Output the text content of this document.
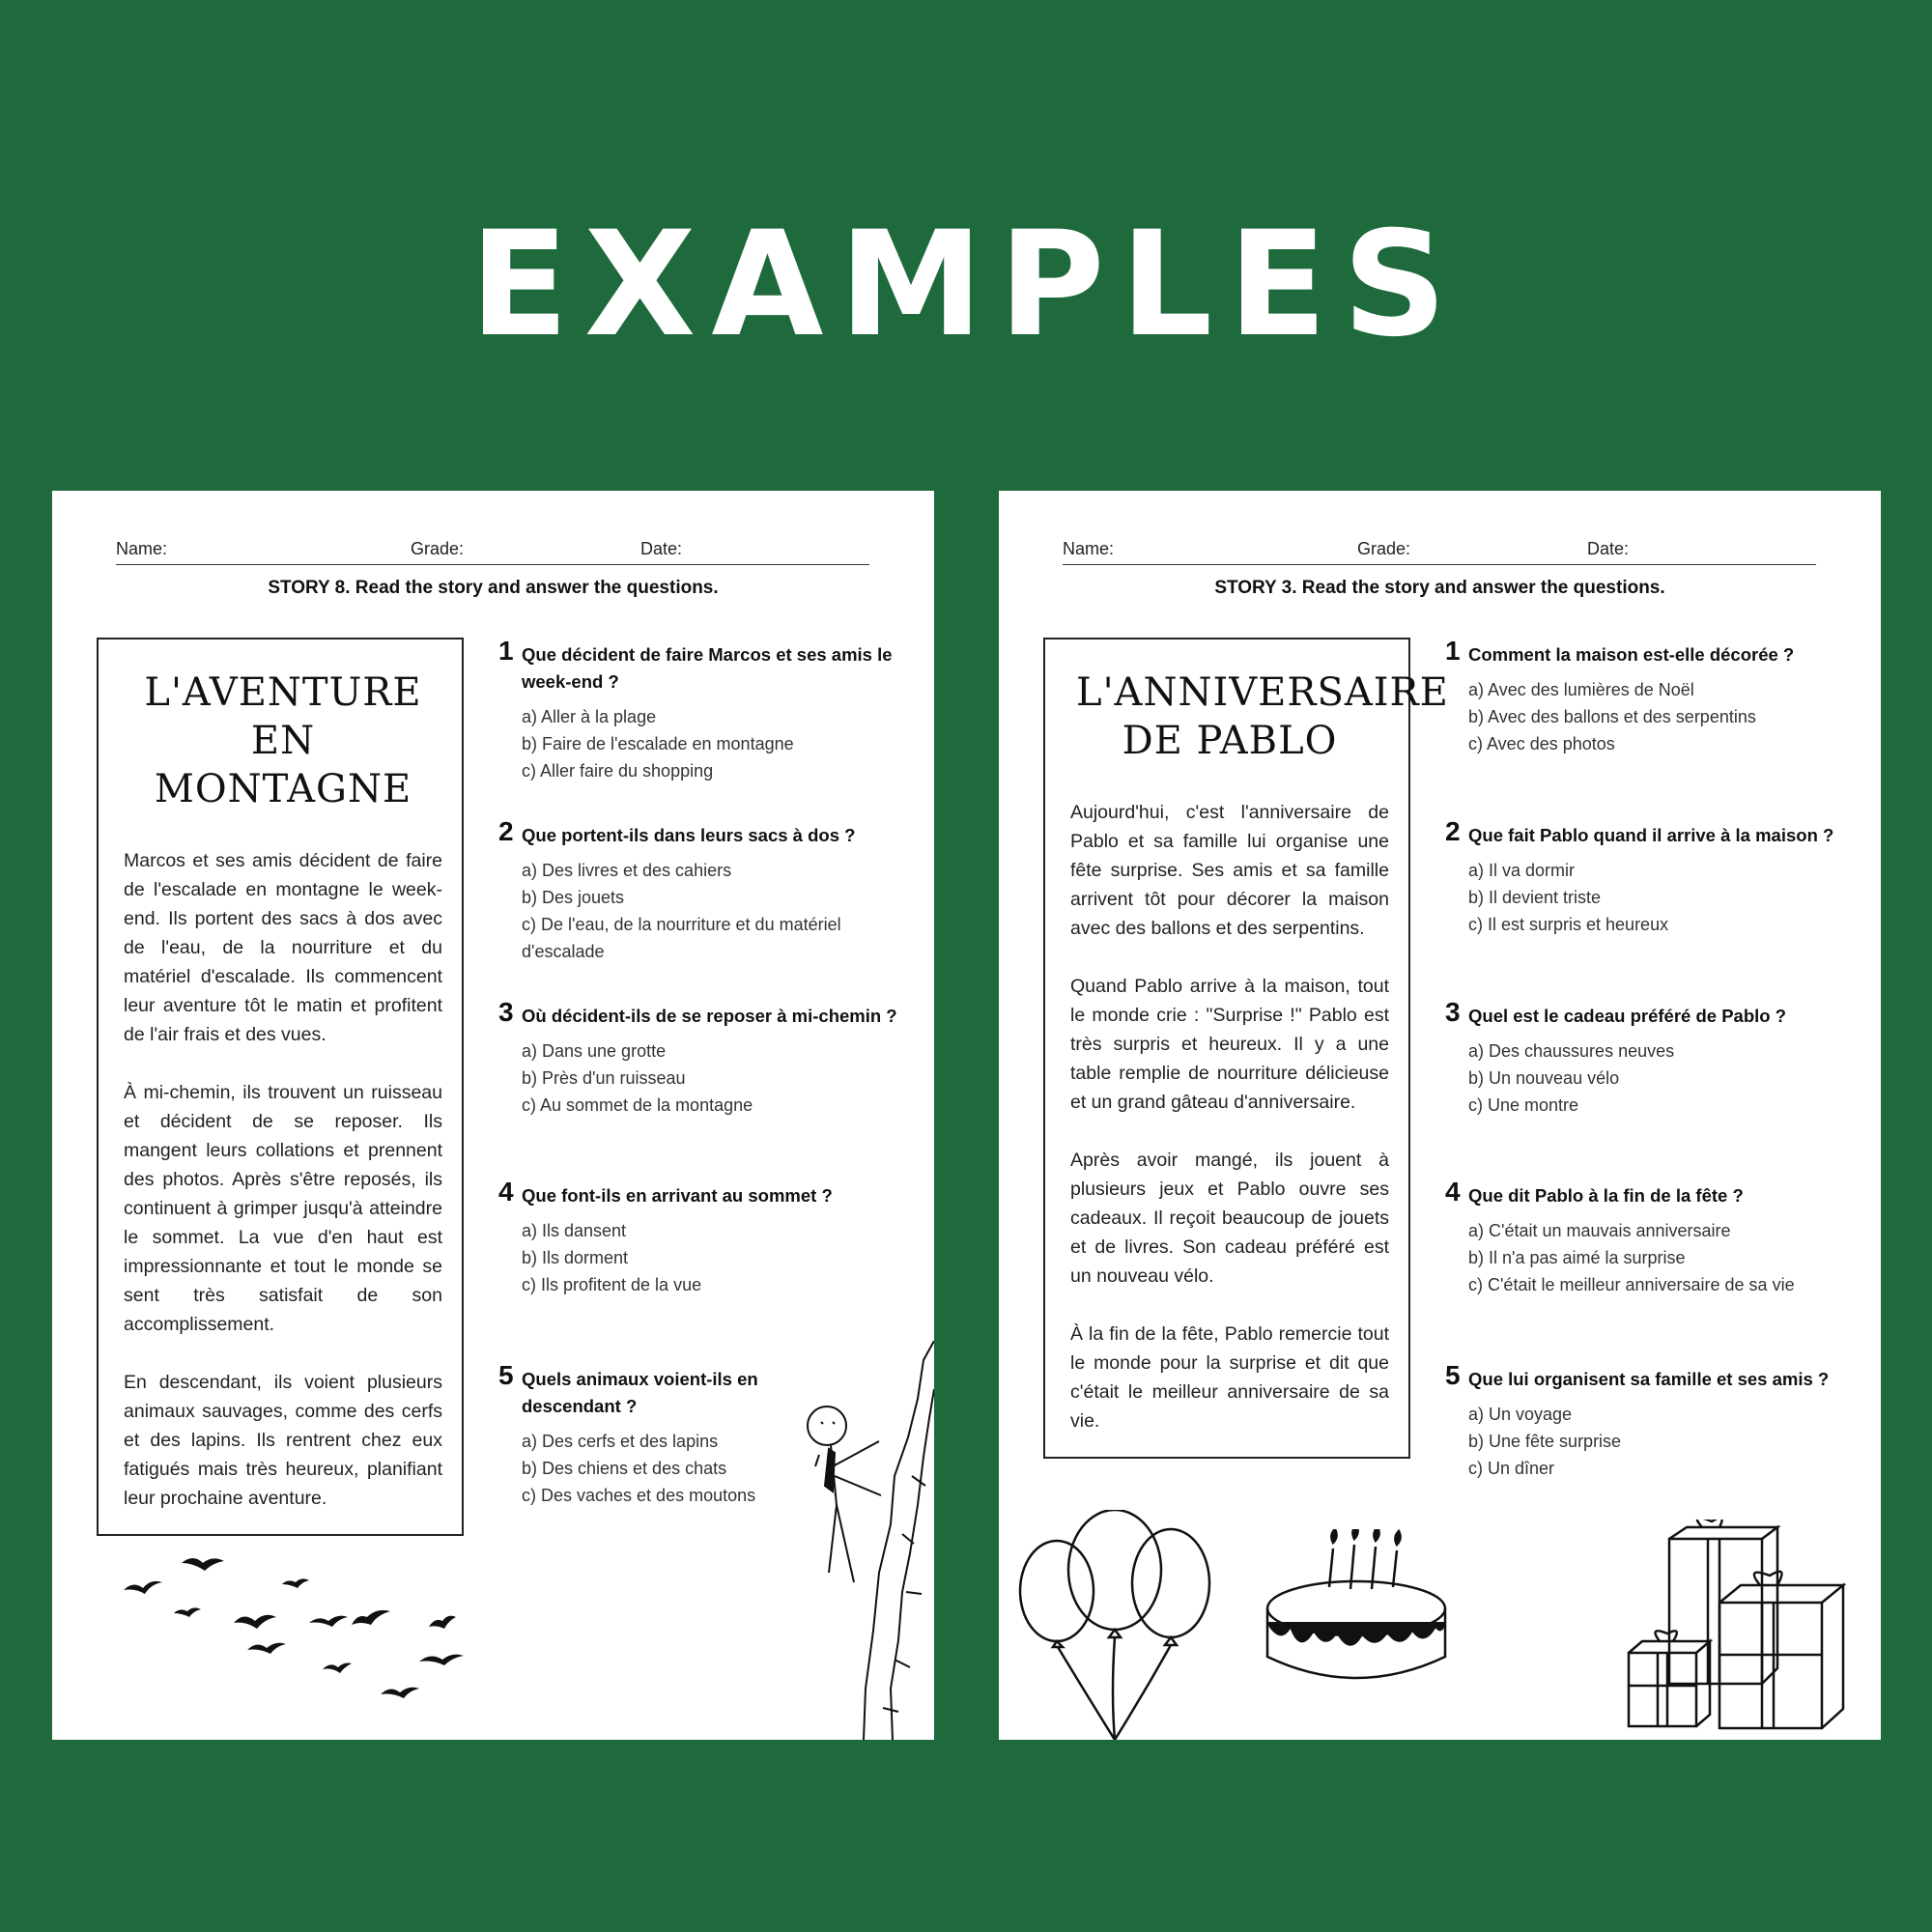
EXAMPLES
Name:	Grade:	Date:
STORY 8. Read the story and answer the questions.
L'AVENTURE EN MONTAGNE

Marcos et ses amis décident de faire de l'escalade en montagne le week-end. Ils portent des sacs à dos avec de l'eau, de la nourriture et du matériel d'escalade. Ils commencent leur aventure tôt le matin et profitent de l'air frais et des vues.

À mi-chemin, ils trouvent un ruisseau et décident de se reposer. Ils mangent leurs collations et prennent des photos. Après s'être reposés, ils continuent à grimper jusqu'à atteindre le sommet. La vue d'en haut est impressionnante et tout le monde se sent très satisfait de son accomplissement.

En descendant, ils voient plusieurs animaux sauvages, comme des cerfs et des lapins. Ils rentrent chez eux fatigués mais très heureux, planifiant leur prochaine aventure.

1 Que décident de faire Marcos et ses amis le week-end ?
a) Aller à la plage
b) Faire de l'escalade en montagne
c) Aller faire du shopping
2 Que portent-ils dans leurs sacs à dos ?
a) Des livres et des cahiers
b) Des jouets
c) De l'eau, de la nourriture et du matériel d'escalade
3 Où décident-ils de se reposer à mi-chemin ?
a) Dans une grotte
b) Près d'un ruisseau
c) Au sommet de la montagne
4 Que font-ils en arrivant au sommet ?
a) Ils dansent
b) Ils dorment
c) Ils profitent de la vue
5 Quels animaux voient-ils en descendant ?
a) Des cerfs et des lapins
b) Des chiens et des chats
c) Des vaches et des moutons
Name:	Grade:	Date:
STORY 3. Read the story and answer the questions.
L'ANNIVERSAIRE DE PABLO

Aujourd'hui, c'est l'anniversaire de Pablo et sa famille lui organise une fête surprise. Ses amis et sa famille arrivent tôt pour décorer la maison avec des ballons et des serpentins.

Quand Pablo arrive à la maison, tout le monde crie : "Surprise !" Pablo est très surpris et heureux. Il y a une table remplie de nourriture délicieuse et un grand gâteau d'anniversaire.

Après avoir mangé, ils jouent à plusieurs jeux et Pablo ouvre ses cadeaux. Il reçoit beaucoup de jouets et de livres. Son cadeau préféré est un nouveau vélo.

À la fin de la fête, Pablo remercie tout le monde pour la surprise et dit que c'était le meilleur anniversaire de sa vie.

1 Comment la maison est-elle décorée ?
a) Avec des lumières de Noël
b) Avec des ballons et des serpentins
c) Avec des photos
2 Que fait Pablo quand il arrive à la maison ?
a) Il va dormir
b) Il devient triste
c) Il est surpris et heureux
3 Quel est le cadeau préféré de Pablo ?
a) Des chaussures neuves
b) Un nouveau vélo
c) Une montre
4 Que dit Pablo à la fin de la fête ?
a) C'était un mauvais anniversaire
b) Il n'a pas aimé la surprise
c) C'était le meilleur anniversaire de sa vie
5 Que lui organisent sa famille et ses amis ?
a) Un voyage
b) Une fête surprise
c) Un dîner
